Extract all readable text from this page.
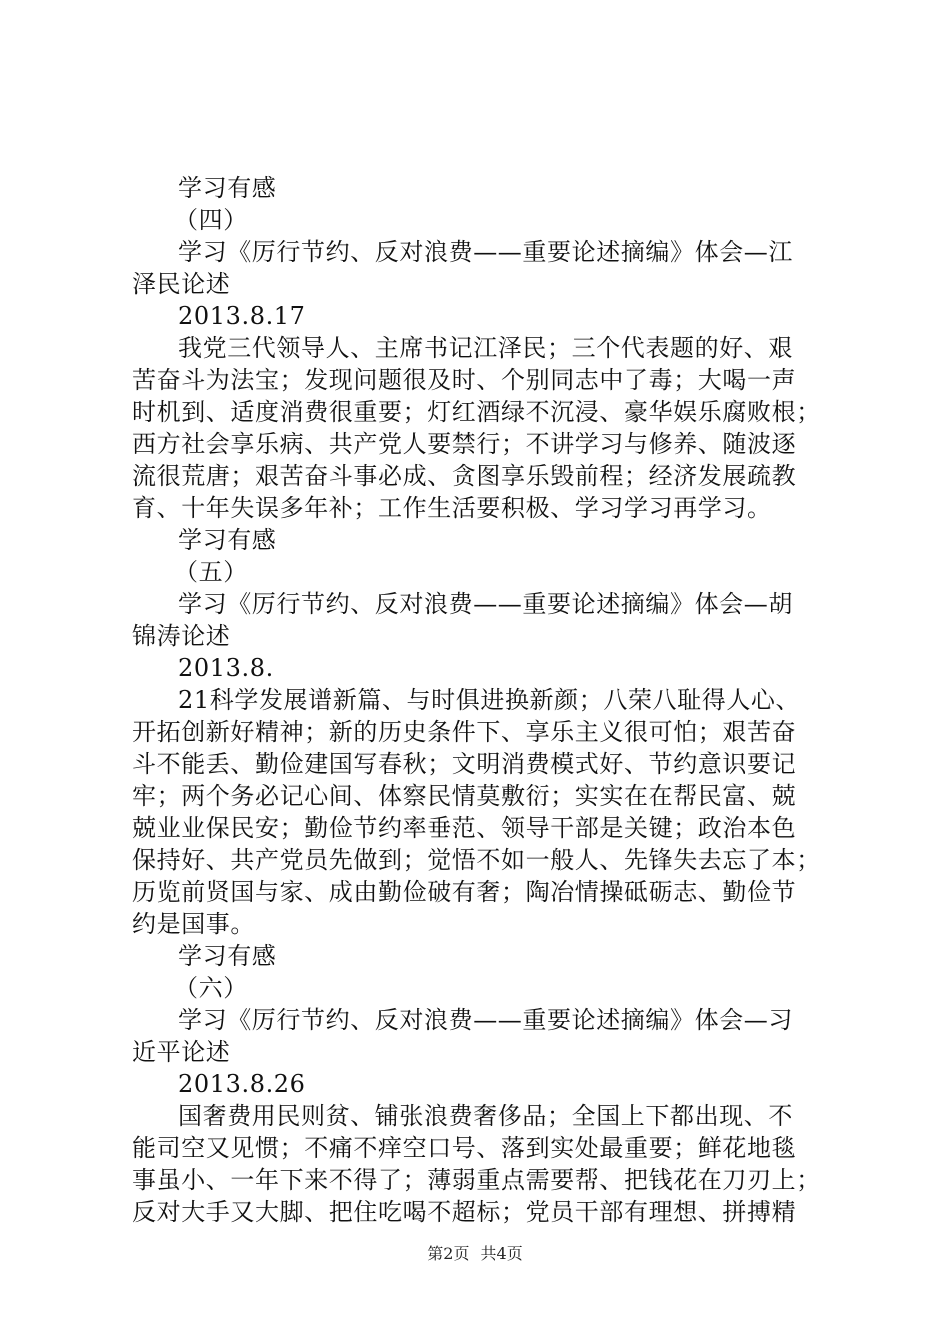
学习有感
（四）
学习《厉行节约、反对浪费——重要论述摘编》体会—江
泽民论述
2013.8.17
我党三代领导人、主席书记江泽民；三个代表题的好、艰
苦奋斗为法宝；发现问题很及时、个别同志中了毒；大喝一声
时机到、适度消费很重要；灯红酒绿不沉浸、豪华娱乐腐败根；
西方社会享乐病、共产党人要禁行；不讲学习与修养、随波逐
流很荒唐；艰苦奋斗事必成、贪图享乐毁前程；经济发展疏教
育、十年失误多年补；工作生活要积极、学习学习再学习。
学习有感
（五）
学习《厉行节约、反对浪费——重要论述摘编》体会—胡
锦涛论述
2013.8.
21科学发展谱新篇、与时俱进换新颜；八荣八耻得人心、
开拓创新好精神；新的历史条件下、享乐主义很可怕；艰苦奋
斗不能丢、勤俭建国写春秋；文明消费模式好、节约意识要记
牢；两个务必记心间、体察民情莫敷衍；实实在在帮民富、兢
兢业业保民安；勤俭节约率垂范、领导干部是关键；政治本色
保持好、共产党员先做到；觉悟不如一般人、先锋失去忘了本；
历览前贤国与家、成由勤俭破有奢；陶冶情操砥砺志、勤俭节
约是国事。
学习有感
（六）
学习《厉行节约、反对浪费——重要论述摘编》体会—习
近平论述
2013.8.26
国奢费用民则贫、铺张浪费奢侈品；全国上下都出现、不
能司空又见惯；不痛不痒空口号、落到实处最重要；鲜花地毯
事虽小、一年下来不得了；薄弱重点需要帮、把钱花在刀刃上；
反对大手又大脚、把住吃喝不超标；党员干部有理想、拼搏精
第2页 共4页
